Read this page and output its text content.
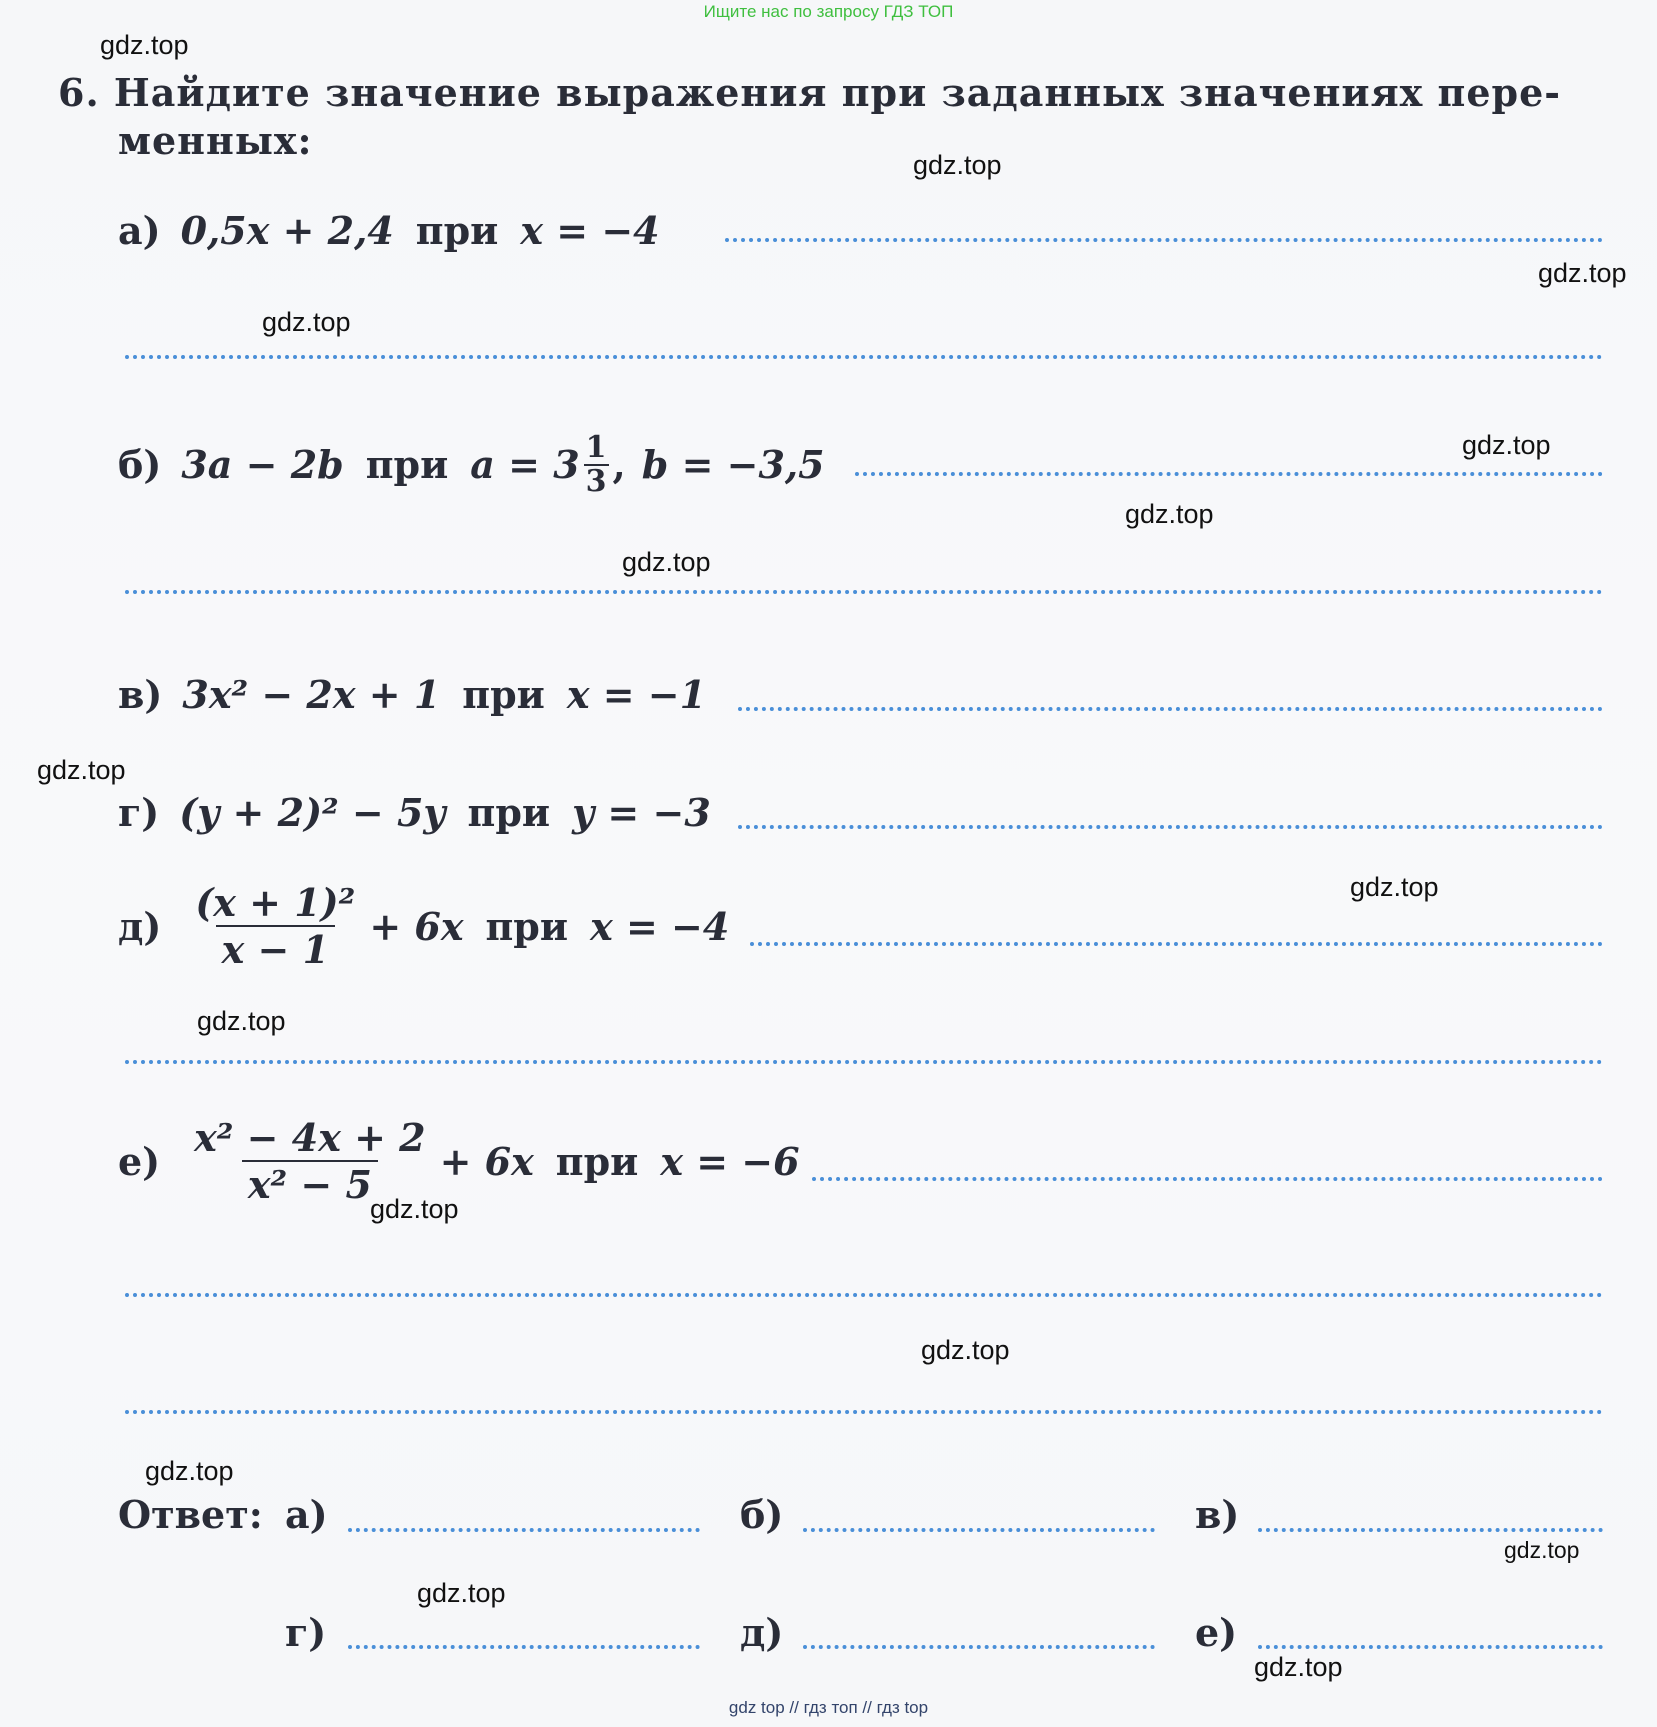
Ищите нас по запросу ГДЗ ТОП
6. Найдите значение выражения при заданных значениях пере-
менных:
а) 0,5x + 2,4 при x = −4
б) 3a − 2b при $a = 3 \frac{1}{3}$ , b = −3,5
в) 3x² − 2x + 1 при x = −1
г) (y + 2)² − 5y при y = −3
$д) \frac{\text{(x + 1)²}}{x - 1} + 6x$ при x = −4
$е) \frac{\text{x² − 4x + 2}}{\text{x² − 5}} + 6x$ при x = −6
Ответ: а)	б)	в)
г)	д)	е)
gdz.top
gdz.top
gdz.top
gdz.top
gdz.top
gdz.top
gdz.top
gdz.top
gdz.top
gdz.top
gdz.top
gdz.top
gdz.top
gdz.top
gdz.top
gdz.top
gdz top // гдз топ // гдз top
